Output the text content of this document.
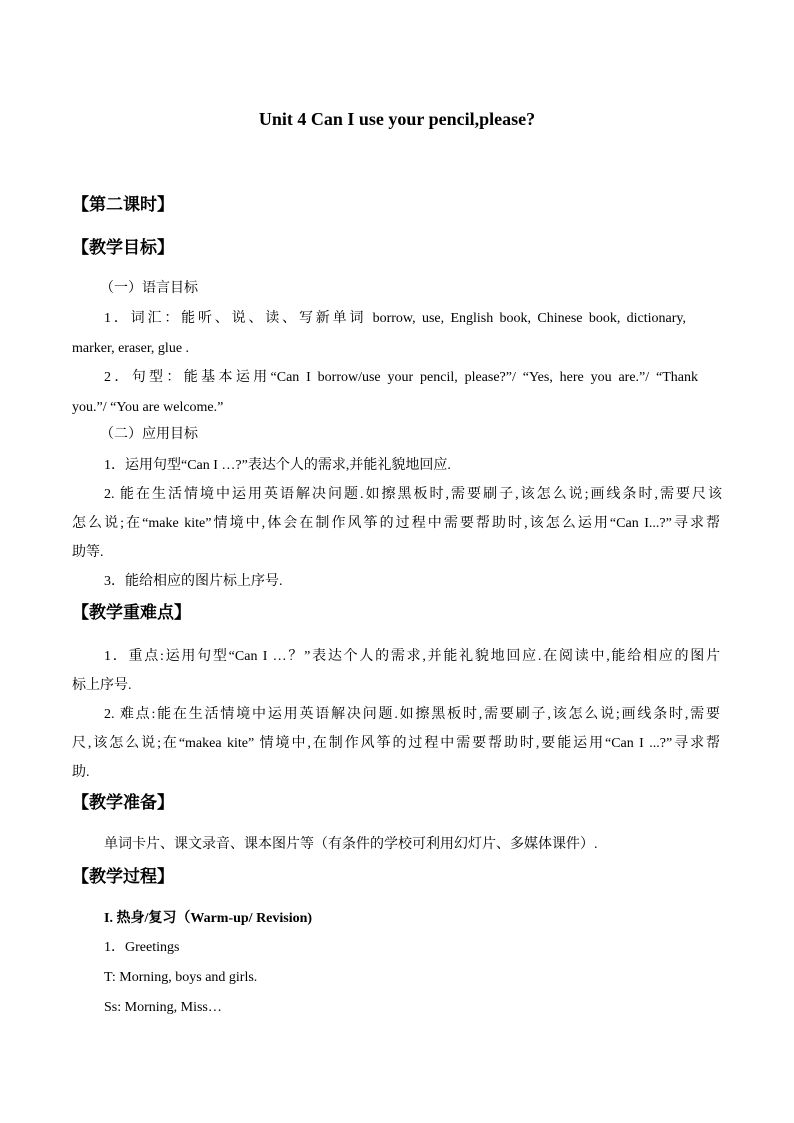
Unit 4 Can I use your pencil,please?
【第二课时】
【教学目标】
（一）语言目标
1．词汇：能听、说、读、写新单词 borrow, use, English book, Chinese book, dictionary,
marker, eraser, glue .
2．句型：能基本运用“Can I borrow/use your pencil, please?”/ “Yes, here you are.”/ “Thank
you.”/ “You are welcome.”
（二）应用目标
1．运用句型“Can I …?”表达个人的需求,并能礼貌地回应.
2. 能在生活情境中运用英语解决问题.如擦黑板时,需要刷子,该怎么说;画线条时,需要尺该
怎么说;在“make kite”情境中,体会在制作风筝的过程中需要帮助时,该怎么运用“Can I...?”寻求帮
助等.
3．能给相应的图片标上序号.
【教学重难点】
1．重点:运用句型“Can I …？”表达个人的需求,并能礼貌地回应.在阅读中,能给相应的图片
标上序号.
2. 难点:能在生活情境中运用英语解决问题.如擦黑板时,需要刷子,该怎么说;画线条时,需要
尺,该怎么说;在“makea kite” 情境中,在制作风筝的过程中需要帮助时,要能运用“Can I ...?”寻求帮
助.
【教学准备】
单词卡片、课文录音、课本图片等（有条件的学校可利用幻灯片、多媒体课件）.
【教学过程】
I. 热身/复习（Warm-up/ Revision)
1．Greetings
T: Morning, boys and girls.
Ss: Morning, Miss…
